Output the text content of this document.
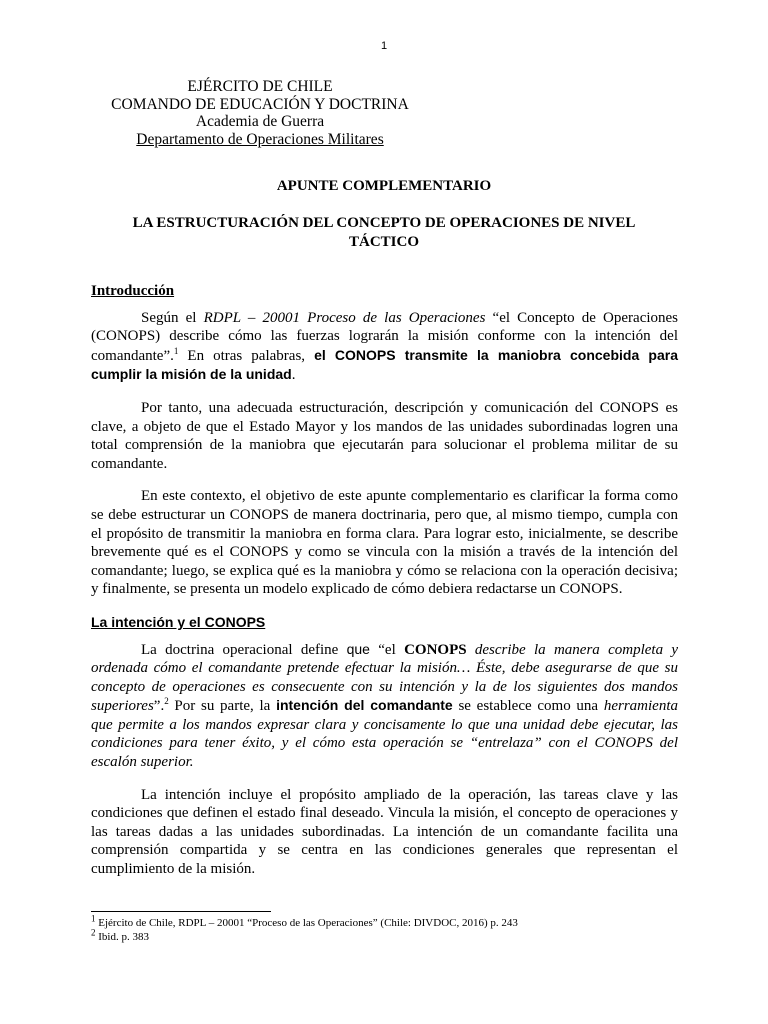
1
EJÉRCITO DE CHILE
COMANDO DE EDUCACIÓN Y DOCTRINA
Academia de Guerra
Departamento de Operaciones Militares
APUNTE COMPLEMENTARIO
LA ESTRUCTURACIÓN DEL CONCEPTO DE OPERACIONES DE NIVEL TÁCTICO
Introducción

Según el RDPL – 20001 Proceso de las Operaciones “el Concepto de Operaciones (CONOPS) describe cómo las fuerzas lograrán la misión conforme con la intención del comandante”.$^1$ En otras palabras, el CONOPS transmite la maniobra concebida para cumplir la misión de la unidad.

Por tanto, una adecuada estructuración, descripción y comunicación del CONOPS es clave, a objeto de que el Estado Mayor y los mandos de las unidades subordinadas logren una total comprensión de la maniobra que ejecutarán para solucionar el problema militar de su comandante.

En este contexto, el objetivo de este apunte complementario es clarificar la forma como se debe estructurar un CONOPS de manera doctrinaria, pero que, al mismo tiempo, cumpla con el propósito de transmitir la maniobra en forma clara. Para lograr esto, inicialmente, se describe brevemente qué es el CONOPS y como se vincula con la misión a través de la intención del comandante; luego, se explica qué es la maniobra y cómo se relaciona con la operación decisiva; y finalmente, se presenta un modelo explicado de cómo debiera redactarse un CONOPS.

La intención y el CONOPS

La doctrina operacional define que “el CONOPS describe la manera completa y ordenada cómo el comandante pretende efectuar la misión… Éste, debe asegurarse de que su concepto de operaciones es consecuente con su intención y la de los siguientes dos mandos superiores”.$^2$ Por su parte, la intención del comandante se establece como una herramienta que permite a los mandos expresar clara y concisamente lo que una unidad debe ejecutar, las condiciones para tener éxito, y el cómo esta operación se “entrelaza” con el CONOPS del escalón superior.

La intención incluye el propósito ampliado de la operación, las tareas clave y las condiciones que definen el estado final deseado. Vincula la misión, el concepto de operaciones y las tareas dadas a las unidades subordinadas. La intención de un comandante facilita una comprensión compartida y se centra en las condiciones generales que representan el cumplimiento de la misión.

$^1$ Ejército de Chile, RDPL – 20001 “Proceso de las Operaciones” (Chile: DIVDOC, 2016) p. 243
$^2$ Ibid. p. 383
